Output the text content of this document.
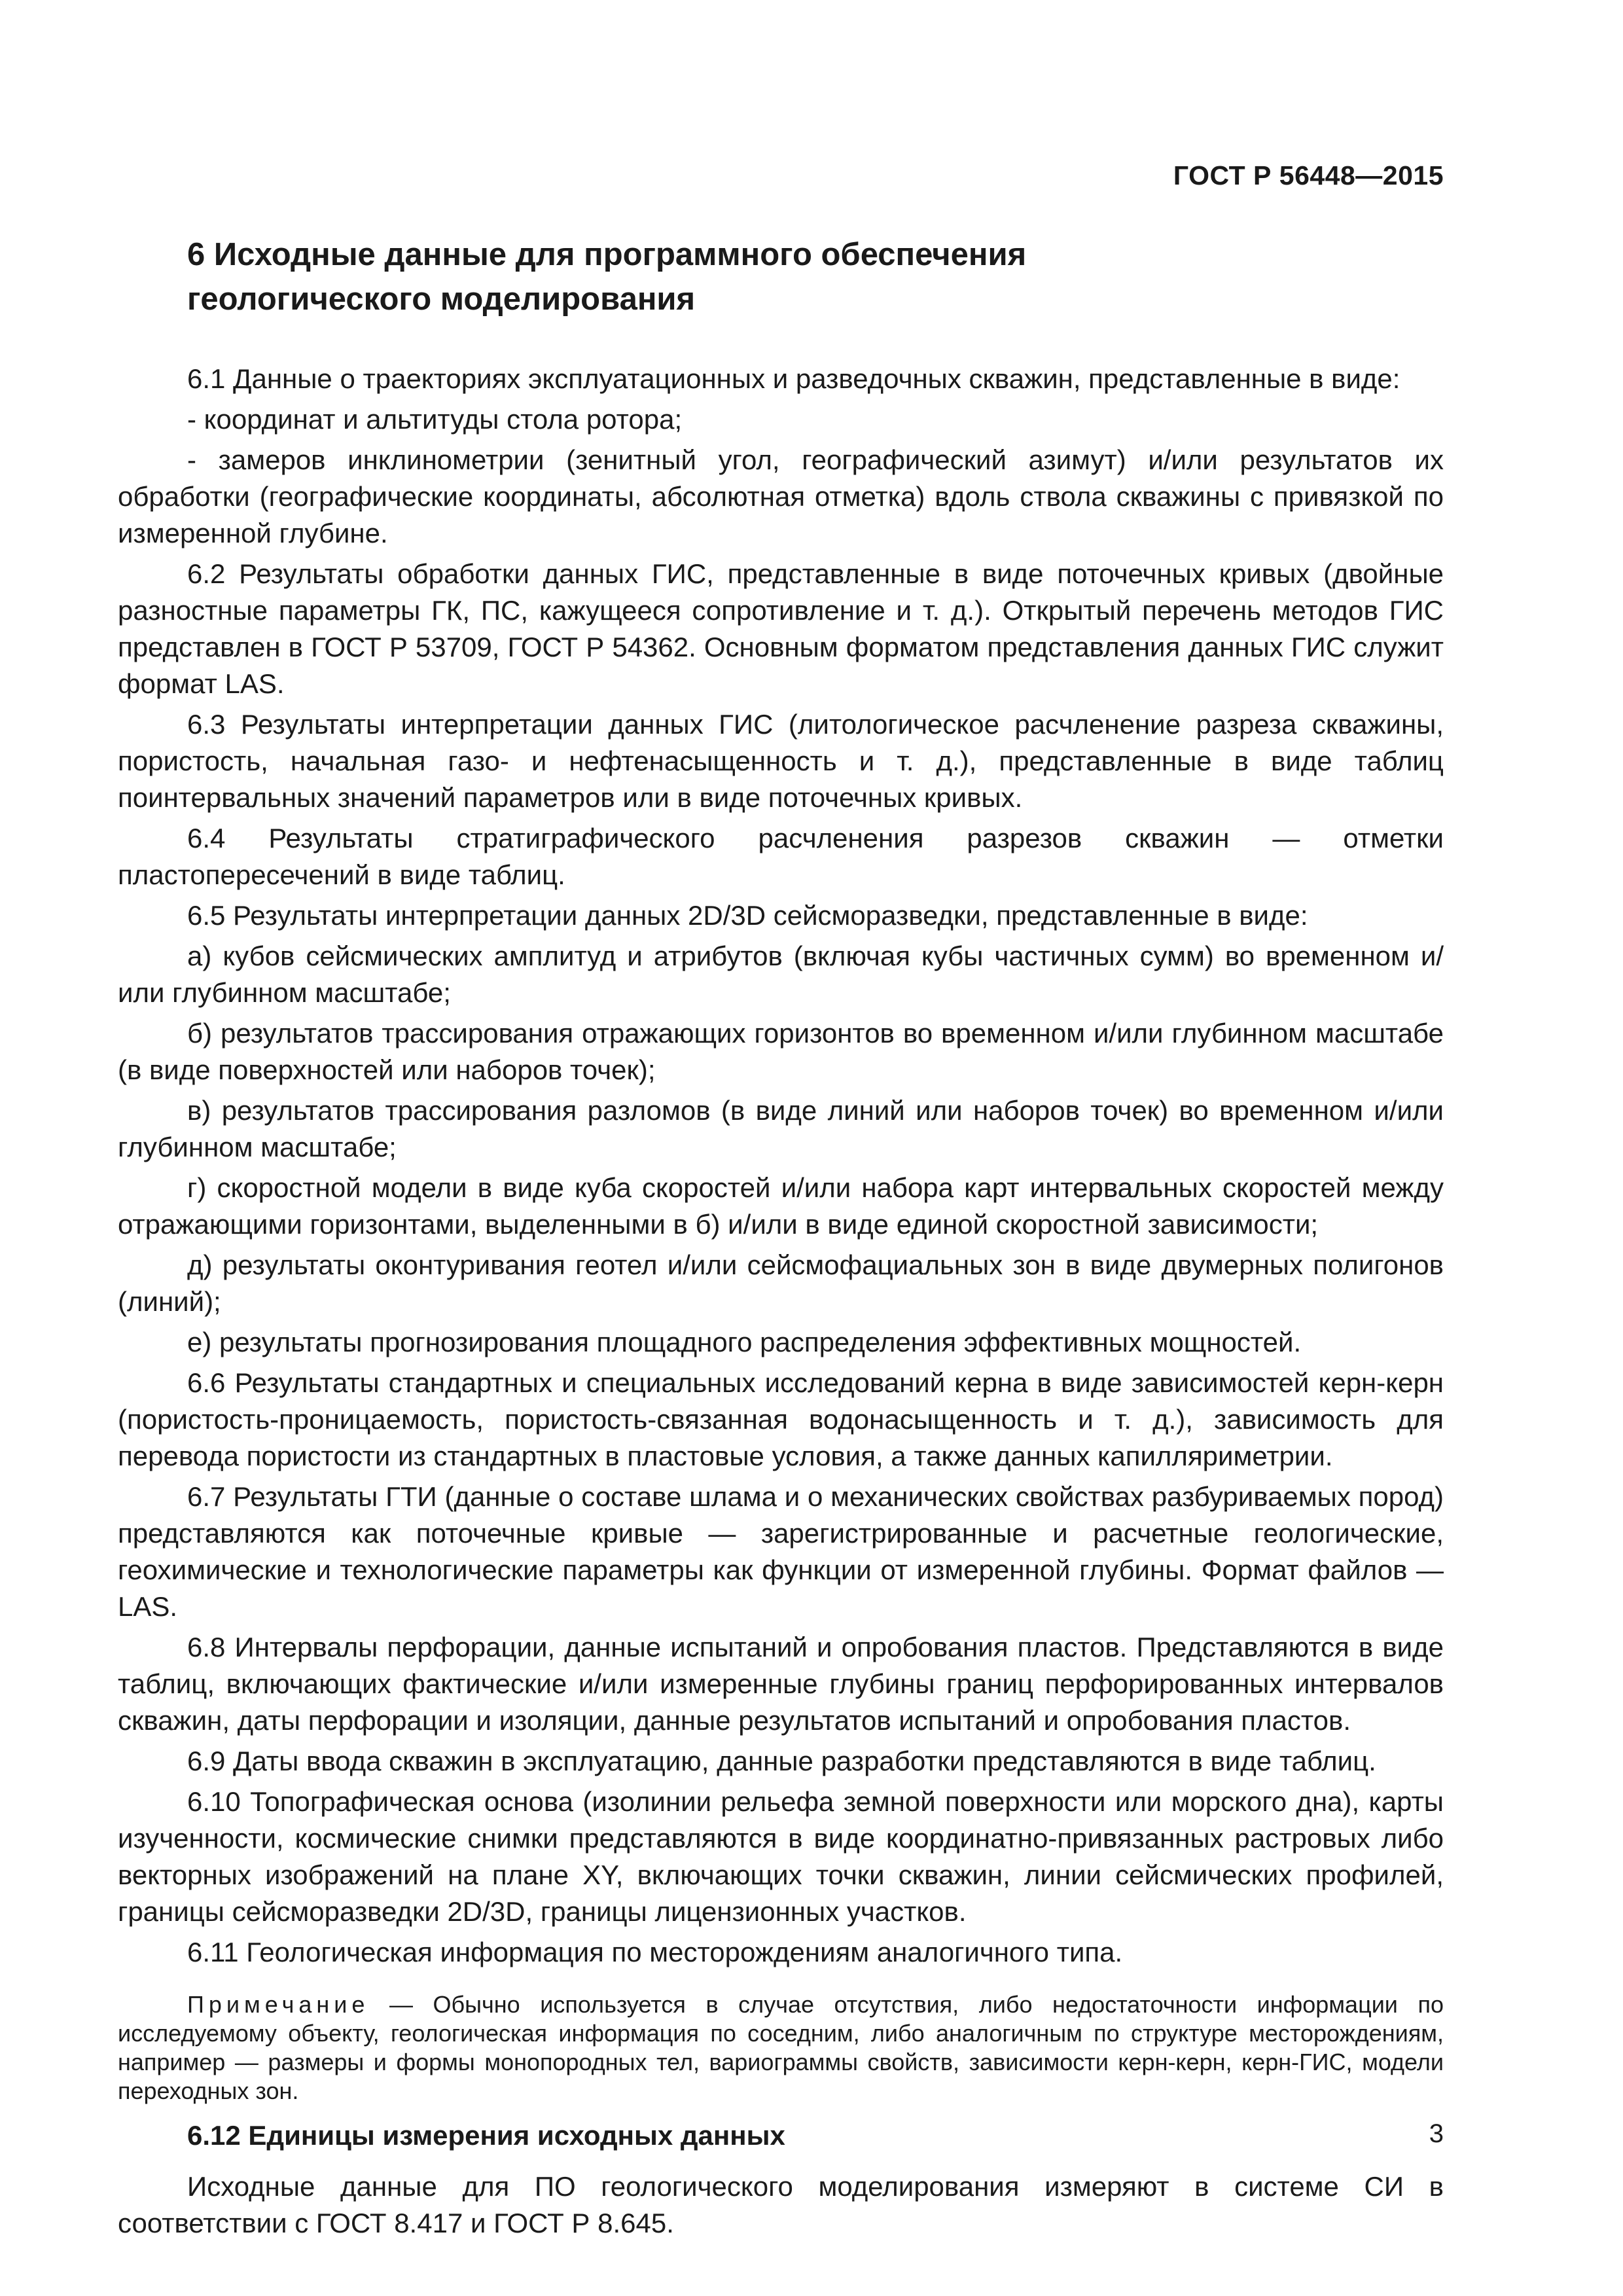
ГОСТ Р 56448—2015
6 Исходные данные для программного обеспечения
геологического моделирования

6.1 Данные о траекториях эксплуатационных и разведочных скважин, представленные в виде:

- координат и альтитуды стола ротора;

- замеров инклинометрии (зенитный угол, географический азимут) и/или результатов их обработки (географические координаты, абсолютная отметка) вдоль ствола скважины с привязкой по измеренной глубине.

6.2 Результаты обработки данных ГИС, представленные в виде поточечных кривых (двойные разностные параметры ГК, ПС, кажущееся сопротивление и т. д.). Открытый перечень методов ГИС представлен в ГОСТ Р 53709, ГОСТ Р 54362. Основным форматом представления данных ГИС служит формат LAS.

6.3 Результаты интерпретации данных ГИС (литологическое расчленение разреза скважины, пористость, начальная газо- и нефтенасыщенность и т. д.), представленные в виде таблиц поинтервальных значений параметров или в виде поточечных кривых.

6.4 Результаты стратиграфического расчленения разрезов скважин — отметки пластопересечений в виде таблиц.

6.5 Результаты интерпретации данных 2D/3D сейсморазведки, представленные в виде:

а) кубов сейсмических амплитуд и атрибутов (включая кубы частичных сумм) во временном и/или глубинном масштабе;

б) результатов трассирования отражающих горизонтов во временном и/или глубинном масштабе (в виде поверхностей или наборов точек);

в) результатов трассирования разломов (в виде линий или наборов точек) во временном и/или глубинном масштабе;

г) скоростной модели в виде куба скоростей и/или набора карт интервальных скоростей между отражающими горизонтами, выделенными в б) и/или в виде единой скоростной зависимости;

д) результаты оконтуривания геотел и/или сейсмофациальных зон в виде двумерных полигонов (линий);

е) результаты прогнозирования площадного распределения эффективных мощностей.

6.6 Результаты стандартных и специальных исследований керна в виде зависимостей керн-керн (пористость-проницаемость, пористость-связанная водонасыщенность и т. д.), зависимость для перевода пористости из стандартных в пластовые условия, а также данных капилляриметрии.

6.7 Результаты ГТИ (данные о составе шлама и о механических свойствах разбуриваемых пород) представляются как поточечные кривые — зарегистрированные и расчетные геологические, геохимические и технологические параметры как функции от измеренной глубины. Формат файлов — LAS.

6.8 Интервалы перфорации, данные испытаний и опробования пластов. Представляются в виде таблиц, включающих фактические и/или измеренные глубины границ перфорированных интервалов скважин, даты перфорации и изоляции, данные результатов испытаний и опробования пластов.

6.9 Даты ввода скважин в эксплуатацию, данные разработки представляются в виде таблиц.

6.10 Топографическая основа (изолинии рельефа земной поверхности или морского дна), карты изученности, космические снимки представляются в виде координатно-привязанных растровых либо векторных изображений на плане XY, включающих точки скважин, линии сейсмических профилей, границы сейсморазведки 2D/3D, границы лицензионных участков.

6.11 Геологическая информация по месторождениям аналогичного типа.

Примечание — Обычно используется в случае отсутствия, либо недостаточности информации по исследуемому объекту, геологическая информация по соседним, либо аналогичным по структуре месторождениям, например — размеры и формы монопородных тел, вариограммы свойств, зависимости керн-керн, керн-ГИС, модели переходных зон.
6.12 Единицы измерения исходных данных

Исходные данные для ПО геологического моделирования измеряют в системе СИ в соответствии с ГОСТ 8.417 и ГОСТ Р 8.645.

3
